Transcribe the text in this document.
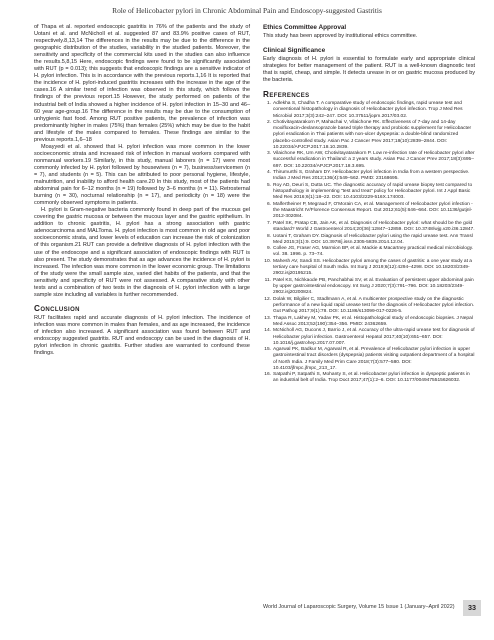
Role of Helicobacter pylori in Chronic Abdominal Pain and Endoscopy-suggested Gastritis

of Thapa et al. reported endoscopic gastritis in 76% of the patients and the study of Uotani et al. and McNicholl et al. suggested 87 and 83.9% positive cases of RUT, respectively.8,13,14 The differences in the results may be due to the difference in the geographic distribution of the studies, variability in the studied patients. Moreover, the sensitivity and specificity of the commercial kits used in the studies can also influence the results.5,8,15 Here, endoscopic findings were found to be significantly associated with RUT (p = 0.013); this suggests that endoscopic findings are a sensitive indicator of H. pylori infection. This is in accordance with the previous reports.1,16 It is reported that the incidence of H. pylori-induced gastritis increases with the increase in the age of the cases.16 A similar trend of infection was observed in this study, which follows the findings of the previous report.15 However, the study performed on patients of the industrial belt of India showed a higher incidence of H. pylori infection in 15–30 and 46–60 year age-group.16 The difference in the results may be due to the consumption of unhygienic fast food. Among RUT positive patients, the prevalence of infection was predominantly higher in males (75%) than females (25%) which may be due to the habit and lifestyle of the males compared to females. These findings are similar to the previous reports.1,6–18

Moayyedi et al. showed that H. pylori infection was more common in the lower socioeconomic strata and increased risk of infection in manual workers compared with nonmanual workers.19 Similarly, in this study, manual laborers (n = 17) were most commonly infected by H. pylori followed by housewives (n = 7), business/servicemen (n = 7), and students (n = 5). This can be attributed to poor personal hygiene, lifestyle, malnutrition, and inability to afford health care.20 In this study, most of the patients had abdominal pain for 6–12 months (n = 19) followed by 3–6 months (n = 11). Retrosternal burning (n = 30), nocturnal relationship (n = 17), and periodicity (n = 18) were the commonly observed symptoms in patients.

H. pylori is Gram-negative bacteria commonly found in deep part of the mucous gel covering the gastric mucosa or between the mucous layer and the gastric epithelium. In addition to chronic gastritis, H. pylori has a strong association with gastric adenocarcinoma and MALToma. H. pylori infection is most common in old age and poor socioeconomic strata, and lower levels of education can increase the risk of colonization of this organism.21 RUT can provide a definitive diagnosis of H. pylori infection with the use of the endoscope and a significant association of endoscopic findings with RUT is also present. The study demonstrates that as age advances the incidence of H. pylori is increased. The infection was more common in the lower economic group. The limitations of the study were the small sample size, varied diet habits of the patients, and that the sensitivity and specificity of RUT were not assessed. A comparative study with other tests and a combination of two tests in the diagnosis of H. pylori infection with a large sample size including all variables is further recommended.

Conclusion

RUT facilitates rapid and accurate diagnosis of H. pylori infection. The incidence of infection was more common in males than females, and as age increased, the incidence of infection also increased. A significant association was found between RUT and endoscopy suggested gastritis. RUT and endoscopy can be used in the diagnosis of H. pylori infection in chronic gastritis. Further studies are warranted to confound these findings.

Ethics Committee Approval

This study has been approved by institutional ethics committee.

Clinical Significance

Early diagnosis of H. pylori is essential to formulate early and appropriate clinical strategies for better management of the patient. RUT is a well-known diagnostic test that is rapid, cheap, and simple. It detects urease in or on gastric mucosa produced by the bacteria.

References
1. Adlekha S, Chadha T. A comparative study of endoscopic findings, rapid urease test and conventional histopathology in diagnosis of Helicobacter pylori infection. Trop J Med Res Microbiol 2017;3(3):242–247. DOI: 10.37511/jopm.2017/03.02.
2. Chotivitayatarakorn P, Mahachai V, Vilaichone RK. Effectiveness of 7-day and 14-day moxifloxacin-dexlansoprazole based triple therapy and probiotic supplement for Helicobacter pylori eradication in Thai patients with non-ulcer dyspepsia: a double-blind randomized placebo-controlled study. Asian Pac J Cancer Prev 2017;18(10):2839–2844. DOI: 10.22034/APJCP.2017.18.10.2839.
3. Vilaichone RK, Um AW, Chotivitayatarakorn P. Low re-infection rate of Helicobacter pylori after successful eradication in Thailand: a 2 years study. Asian Pac J Cancer Prev 2017;18(3):695–697. DOI: 10.22034/APJCP.2017.18.3.695.
4. Thirumurthi S, Graham DY. Helicobacter pylori infection in India from a western perspective. Indian J Med Res 2012;136(4):549–562. PMID: 23168695.
5. Roy AD, Deuri S, Dutta UC. The diagnostic accuracy of rapid urease biopsy test compared to histopathology in implementing "test and treat" policy for Helicobacter pylori. Int J Appl Basic Med Res 2016;6(1):18–22. DOI: 10.4103/2229-516X.174003.
6. Malfertheiner P, Megraud F, O'Morain CA, et al. Management of Helicobacter pylori infection - the Maastricht IV/Florence Consensus Report. Gut 2012;61(5):646–664. DOI: 10.1136/gutjnl-2012-302084.
7. Patel SK, Pratap CB, Jain AK, et al. Diagnosis of Helicobacter pylori: what should be the gold standard? World J Gastroenterol 2014;20(36):12847–12859. DOI: 10.3748/wjg.v20.i36.12847.
8. Uotani T, Graham DY. Diagnosis of Helicobacter pylori using the rapid urease test. Ann Transl Med 2015;3(1):9. DOI: 10.3978/j.issn.2305-5839.2014.12.04.
9. Collee JG, Fraser AG, Marmion BP, et al. Mackie & Macartney practical medical microbiology. vol. 38. 1996. p. 73–74.
10. Mahesh AV, Sandi SS. Helicobacter pylori among the cases of gastritis: a one year study at a tertiary care hospital of South India. Int Surg J 2019;6(12):4294–4298. DOI: 10.18203/2349-2902.isj20195215.
11. Patel KS, Nichkaode PB, Panchabhai SV, et al. Evaluation of persistent upper abdominal pain by upper gastrointestinal endoscopy. Int Surg J 2020;7(3):791–796. DOI: 10.18203/2349-2902.isj20200824.
12. Dolak W, Bilgilier C, Stadlmann A, et al. A multicenter prospective study on the diagnostic performance of a new liquid rapid urease test for the diagnosis of Helicobacter pylori infection. Gut Pathog 2017;9(1):78. DOI: 10.1186/s13099-017-0226-5.
13. Thapa R, Lakhey M, Yadav PK, et al. Histopathological study of endoscopic biopsies. J Nepal Med Assoc 2013;52(190):354–356. PMID: 24362659.
14. McNicholl AG, Ducons J, Barrio J, et al. Accuracy of the ultra-rapid urease test for diagnosis of Helicobacter pylori infection. Gastroenterol Hepatol 2017;40(10):651–657. DOI: 10.1016/j.gastrohep.2017.07.007.
15. Agarwal PK, Badkur M, Agarwal R, et al. Prevalence of Helicobacter pylori infection in upper gastrointestinal tract disorders (dyspepsia) patients visiting outpatient department of a hospital of North India. J Family Med Prim Care 2018;7(3):577–580. DOI: 10.4103/jfmpc.jfmpc_213_17.
16. Satpathi P, Satpathi S, Mohanty S, et al. Helicobacter pylori infection in dyspeptic patients in an industrial belt of India. Trop Doct 2017;47(1):2–6. DOI: 10.1177/0049475515626032.
World Journal of Laparoscopic Surgery, Volume 15 Issue 1 (January–April 2022)	33
